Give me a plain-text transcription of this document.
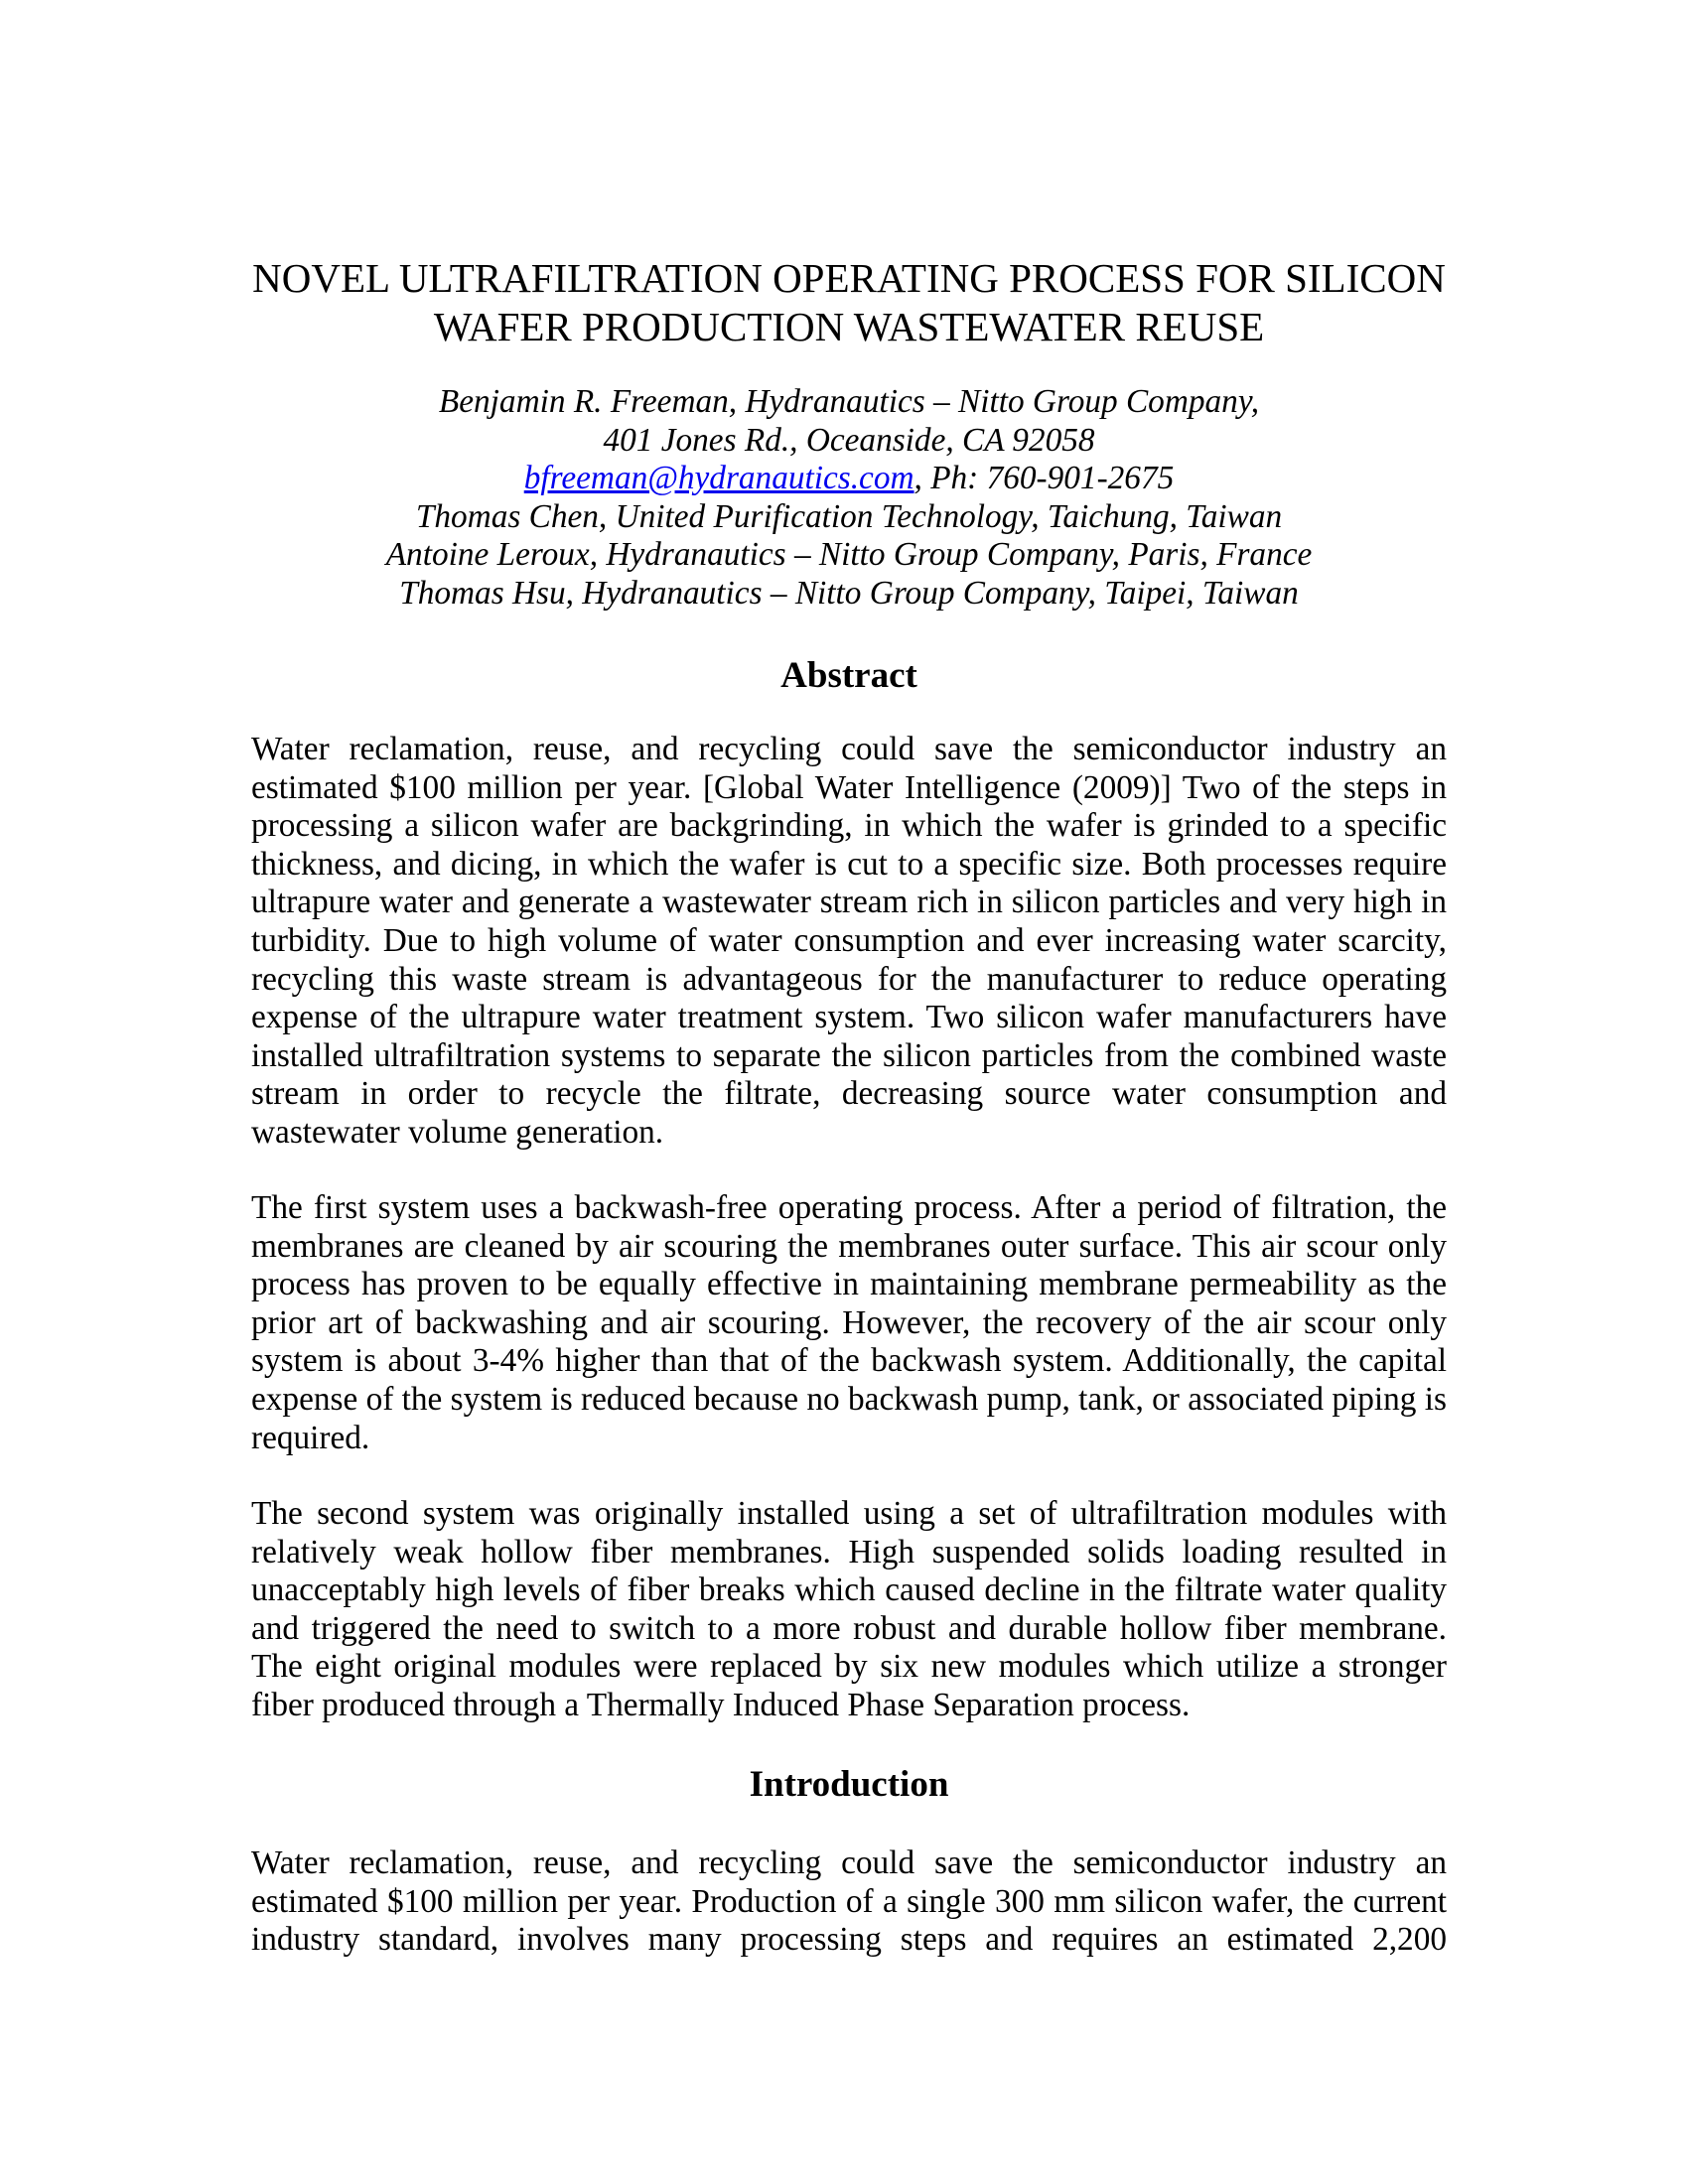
NOVEL ULTRAFILTRATION OPERATING PROCESS FOR SILICON
WAFER PRODUCTION WASTEWATER REUSE
Benjamin R. Freeman, Hydranautics – Nitto Group Company,
401 Jones Rd., Oceanside, CA 92058
bfreeman@hydranautics.com, Ph: 760-901-2675
Thomas Chen, United Purification Technology, Taichung, Taiwan
Antoine Leroux, Hydranautics – Nitto Group Company, Paris, France
Thomas Hsu, Hydranautics – Nitto Group Company, Taipei, Taiwan
Abstract
Water reclamation, reuse, and recycling could save the semiconductor industry an estimated $100 million per year. [Global Water Intelligence (2009)] Two of the steps in processing a silicon wafer are backgrinding, in which the wafer is grinded to a specific thickness, and dicing, in which the wafer is cut to a specific size. Both processes require ultrapure water and generate a wastewater stream rich in silicon particles and very high in turbidity. Due to high volume of water consumption and ever increasing water scarcity, recycling this waste stream is advantageous for the manufacturer to reduce operating expense of the ultrapure water treatment system. Two silicon wafer manufacturers have installed ultrafiltration systems to separate the silicon particles from the combined waste stream in order to recycle the filtrate, decreasing source water consumption and wastewater volume generation.
The first system uses a backwash-free operating process. After a period of filtration, the membranes are cleaned by air scouring the membranes outer surface. This air scour only process has proven to be equally effective in maintaining membrane permeability as the prior art of backwashing and air scouring. However, the recovery of the air scour only system is about 3-4% higher than that of the backwash system. Additionally, the capital expense of the system is reduced because no backwash pump, tank, or associated piping is required.
The second system was originally installed using a set of ultrafiltration modules with relatively weak hollow fiber membranes. High suspended solids loading resulted in unacceptably high levels of fiber breaks which caused decline in the filtrate water quality and triggered the need to switch to a more robust and durable hollow fiber membrane. The eight original modules were replaced by six new modules which utilize a stronger fiber produced through a Thermally Induced Phase Separation process.
Introduction
Water reclamation, reuse, and recycling could save the semiconductor industry an estimated $100 million per year. Production of a single 300 mm silicon wafer, the current industry standard, involves many processing steps and requires an estimated 2,200
